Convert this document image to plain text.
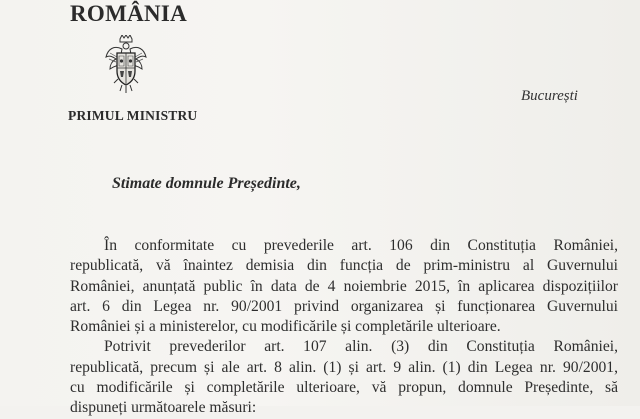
ROMÂNIA
PRIMUL MINISTRU
București
Stimate domnule Președinte,
În conformitate cu prevederile art. 106 din Constituția României,
republicată, vă înaintez demisia din funcția de prim-ministru al Guvernului
României, anunțată public în data de 4 noiembrie 2015, în aplicarea dispozițiilor
art. 6 din Legea nr. 90/2001 privind organizarea și funcționarea Guvernului
României și a ministerelor, cu modificările și completările ulterioare.
Potrivit prevederilor art. 107 alin. (3) din Constituția României,
republicată, precum și ale art. 8 alin. (1) și art. 9 alin. (1) din Legea nr. 90/2001,
cu modificările și completările ulterioare, vă propun, domnule Președinte, să
dispuneți următoarele măsuri:
